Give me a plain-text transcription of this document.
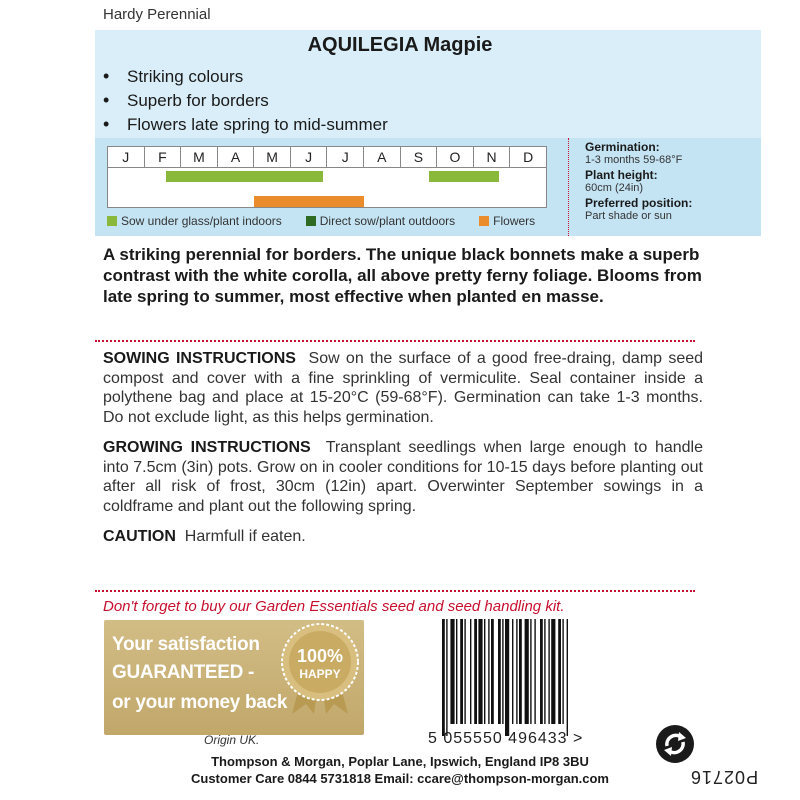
Hardy Perennial
AQUILEGIA Magpie
• Striking colours
• Superb for borders
• Flowers late spring to mid-summer
J	F	M	A	M	J	J	A	S	O	N	D
Sow under glass/plant indoors	Direct sow/plant outdoors	Flowers
Germination:
1-3 months 59-68°F
Plant height:
60cm (24in)
Preferred position:
Part shade or sun

A striking perennial for borders. The unique black bonnets make a superb contrast with the white corolla, all above pretty ferny foliage. Blooms from late spring to summer, most effective when planted en masse.

SOWING INSTRUCTIONS Sow on the surface of a good free-draing, damp seed compost and cover with a fine sprinkling of vermiculite. Seal container inside a polythene bag and place at 15-20°C (59-68°F). Germination can take 1-3 months. Do not exclude light, as this helps germination.

GROWING INSTRUCTIONS Transplant seedlings when large enough to handle into 7.5cm (3in) pots. Grow on in cooler conditions for 10-15 days before planting out after all risk of frost, 30cm (12in) apart. Overwinter September sowings in a coldframe and plant out the following spring.

CAUTION Harmfull if eaten.

Don't forget to buy our Garden Essentials seed and seed handling kit.
Your satisfaction
GUARANTEED -
or your money back
100%
HAPPY
Origin UK.	5 055550 496433 >
Thompson & Morgan, Poplar Lane, Ipswich, England IP8 3BU
Customer Care 0844 5731818 Email: ccare@thompson-morgan.com	P02716
